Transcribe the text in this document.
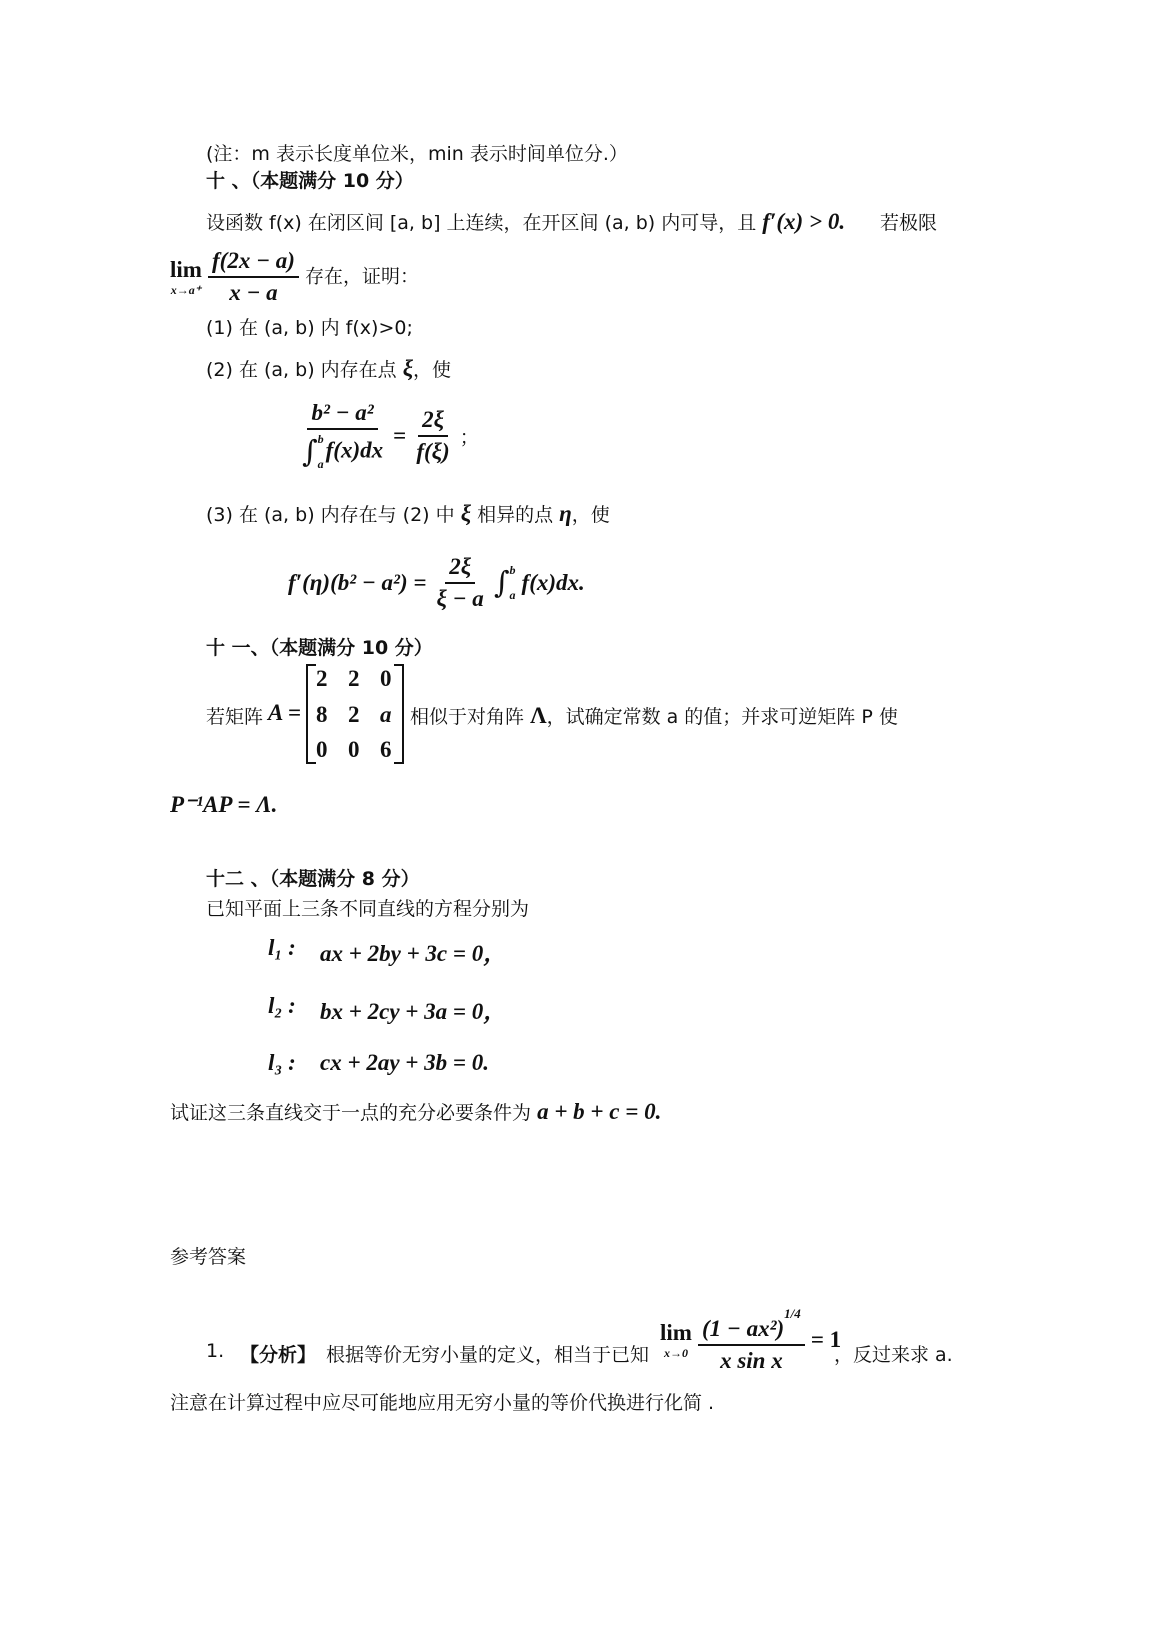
(注：m 表示长度单位米，min 表示时间单位分.）
十 、（本题满分 10 分）
设函数 f(x) 在闭区间 [a, b] 上连续，在开区间 (a, b) 内可导，且 f′(x) > 0. 若极限
lim
x→a⁺
$\frac{f(2x - a)}{x - a}$ 存在，证明：
(1) 在 (a, b) 内 f(x)>0;
(2) 在 (a, b) 内存在点 ξ，使
b² − a²
∫ b
a
$f(x)dx = \frac{2\xi}{f(\xi)}$ ；
(3) 在 (a, b) 内存在与 (2) 中 ξ 相异的点 η，使
$f'(\eta)(b^2 - a^2) = \frac{2\xi}{\xi - a}$ ∫ b
a f(x)dx.
十 一、（本题满分 10 分）
若矩阵 A =
2 2 0
8 2 a
0 0 6
相似于对角阵 Λ，试确定常数 a 的值；并求可逆矩阵 P 使
P⁻¹AP = Λ.
十二 、（本题满分 8 分）
已知平面上三条不同直线的方程分别为
l₁ : ax + 2by + 3c = 0，
l₂ : bx + 2cy + 3a = 0，
l₃ : cx + 2ay + 3b = 0.
试证这三条直线交于一点的充分必要条件为 a + b + c = 0.
参考答案
1. 【分析】 根据等价无穷小量的定义，相当于已知
lim
x→0
$\frac{(1 - ax^2)^{1/4}}{\text{x sin x}} = 1$
，反过来求 a.
注意在计算过程中应尽可能地应用无穷小量的等价代换进行化简 .
